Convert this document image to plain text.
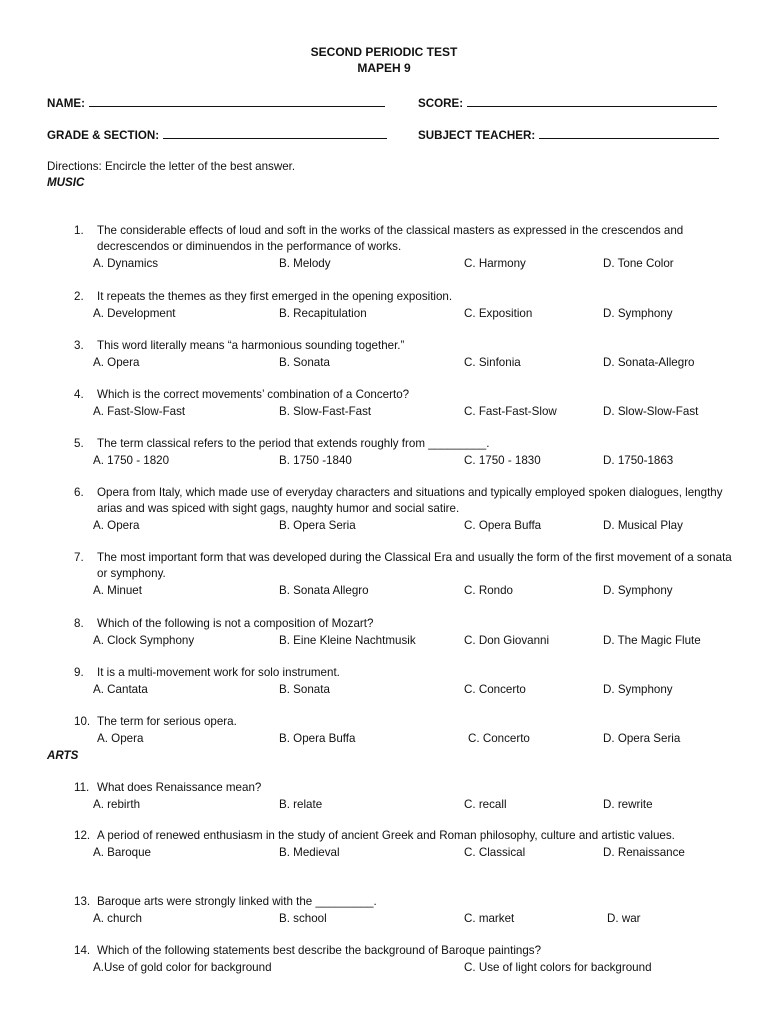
SECOND PERIODIC TEST
MAPEH 9
NAME:	SCORE:
GRADE & SECTION:	SUBJECT TEACHER:
Directions: Encircle the letter of the best answer.
MUSIC
ARTS
1.	The considerable effects of loud and soft in the works of the classical masters as expressed in the crescendos and decrescendos or diminuendos in the performance of works.
A. Dynamics	B. Melody	C. Harmony	D. Tone Color
2.	It repeats the themes as they first emerged in the opening exposition.
A. Development	B. Recapitulation	C. Exposition	D. Symphony
3.	This word literally means “a harmonious sounding together.”
A. Opera	B. Sonata	C. Sinfonia	D. Sonata-Allegro
4.	Which is the correct movements’ combination of a Concerto?
A. Fast-Slow-Fast	B. Slow-Fast-Fast	C. Fast-Fast-Slow	D. Slow-Slow-Fast
5.	The term classical refers to the period that extends roughly from _________.
A. 1750 - 1820	B. 1750 -1840	C. 1750 - 1830	D. 1750-1863
6.	Opera from Italy, which made use of everyday characters and situations and typically employed spoken dialogues, lengthy arias and was spiced with sight gags, naughty humor and social satire.
A. Opera	B. Opera Seria	C. Opera Buffa	D. Musical Play
7.	The most important form that was developed during the Classical Era and usually the form of the first movement of a sonata or symphony.
A. Minuet	B. Sonata Allegro	C. Rondo	D. Symphony
8.	Which of the following is not a composition of Mozart?
A. Clock Symphony	B. Eine Kleine Nachtmusik	C. Don Giovanni	D. The Magic Flute
9.	It is a multi-movement work for solo instrument.
A. Cantata	B. Sonata	C. Concerto	D. Symphony
10. The term for serious opera.
A. Opera	B. Opera Buffa	C. Concerto	D. Opera Seria
11. What does Renaissance mean?
A. rebirth	B. relate	C. recall	D. rewrite
12. A period of renewed enthusiasm in the study of ancient Greek and Roman philosophy, culture and artistic values.
A. Baroque	B. Medieval	C. Classical	D. Renaissance
13. Baroque arts were strongly linked with the _________.
A. church	B. school	C. market	D. war
14. Which of the following statements best describe the background of Baroque paintings?
A.Use of gold color for background	C. Use of light colors for background
